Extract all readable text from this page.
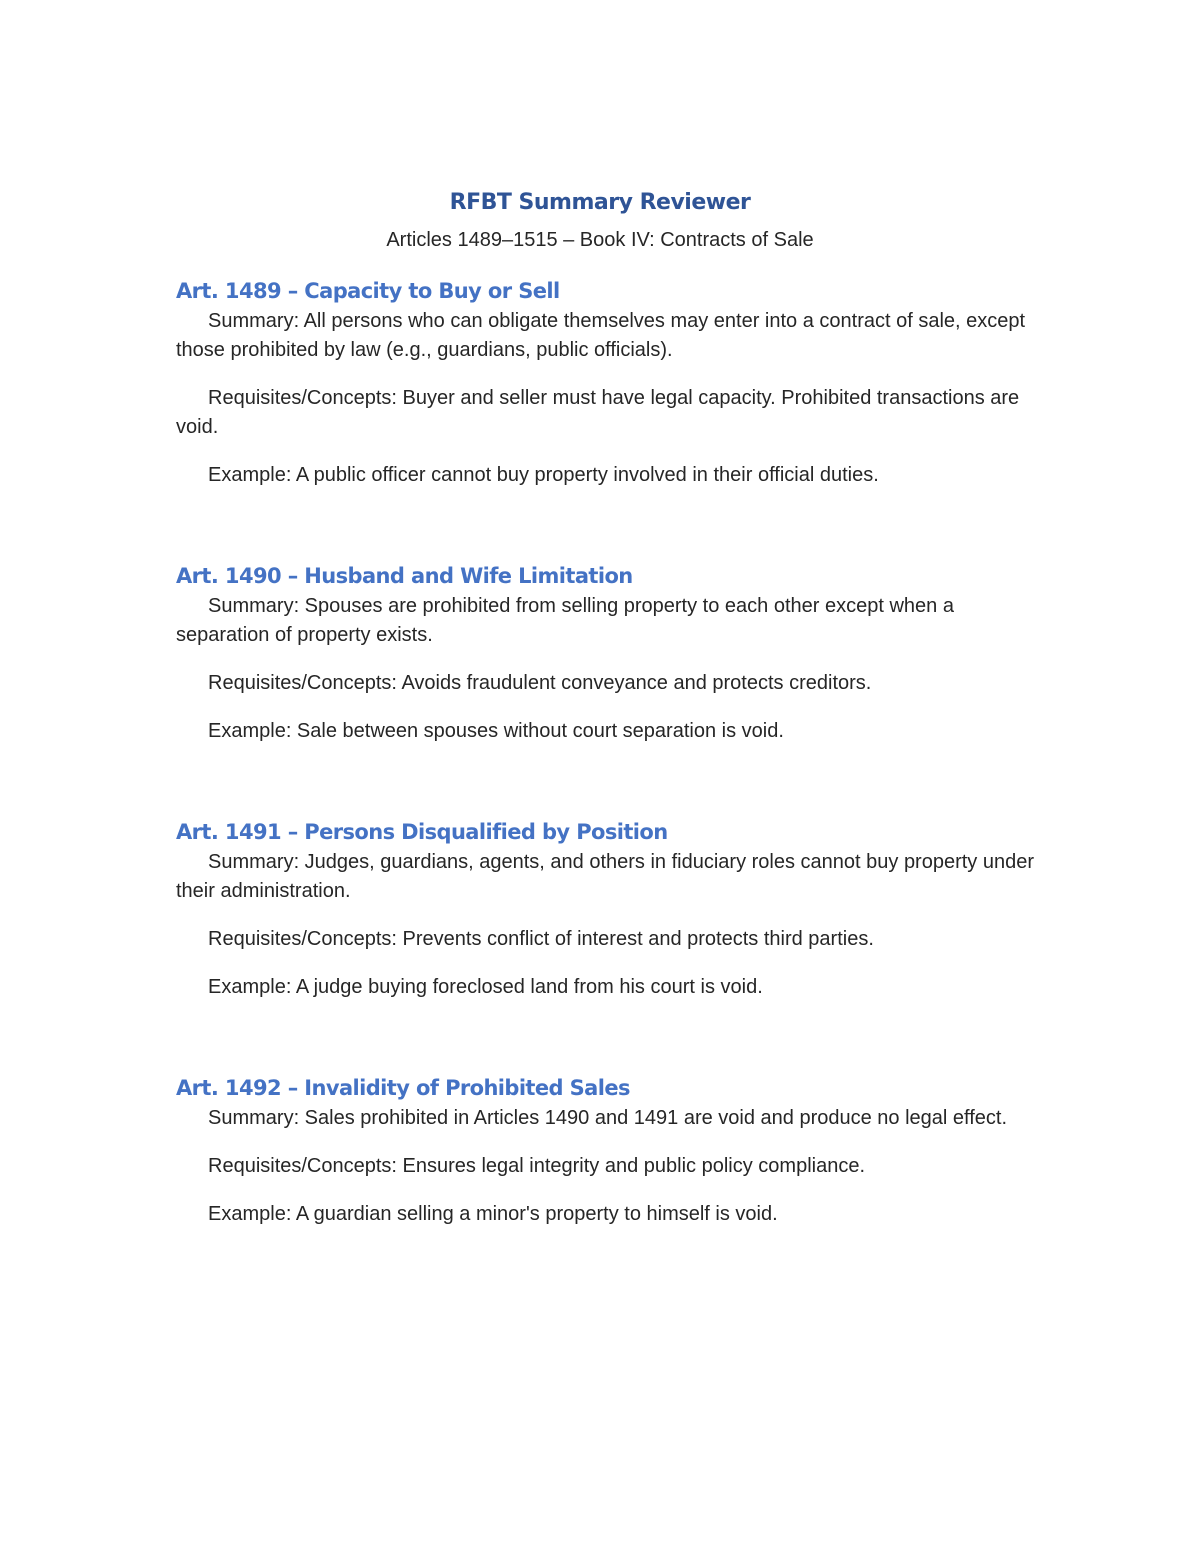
RFBT Summary Reviewer
Articles 1489–1515 – Book IV: Contracts of Sale
Art. 1489 – Capacity to Buy or Sell

Summary: All persons who can obligate themselves may enter into a contract of sale, except those prohibited by law (e.g., guardians, public officials).

Requisites/Concepts: Buyer and seller must have legal capacity. Prohibited transactions are void.

Example: A public officer cannot buy property involved in their official duties.

Art. 1490 – Husband and Wife Limitation

Summary: Spouses are prohibited from selling property to each other except when a separation of property exists.

Requisites/Concepts: Avoids fraudulent conveyance and protects creditors.

Example: Sale between spouses without court separation is void.

Art. 1491 – Persons Disqualified by Position

Summary: Judges, guardians, agents, and others in fiduciary roles cannot buy property under their administration.

Requisites/Concepts: Prevents conflict of interest and protects third parties.

Example: A judge buying foreclosed land from his court is void.

Art. 1492 – Invalidity of Prohibited Sales

Summary: Sales prohibited in Articles 1490 and 1491 are void and produce no legal effect.

Requisites/Concepts: Ensures legal integrity and public policy compliance.

Example: A guardian selling a minor's property to himself is void.
